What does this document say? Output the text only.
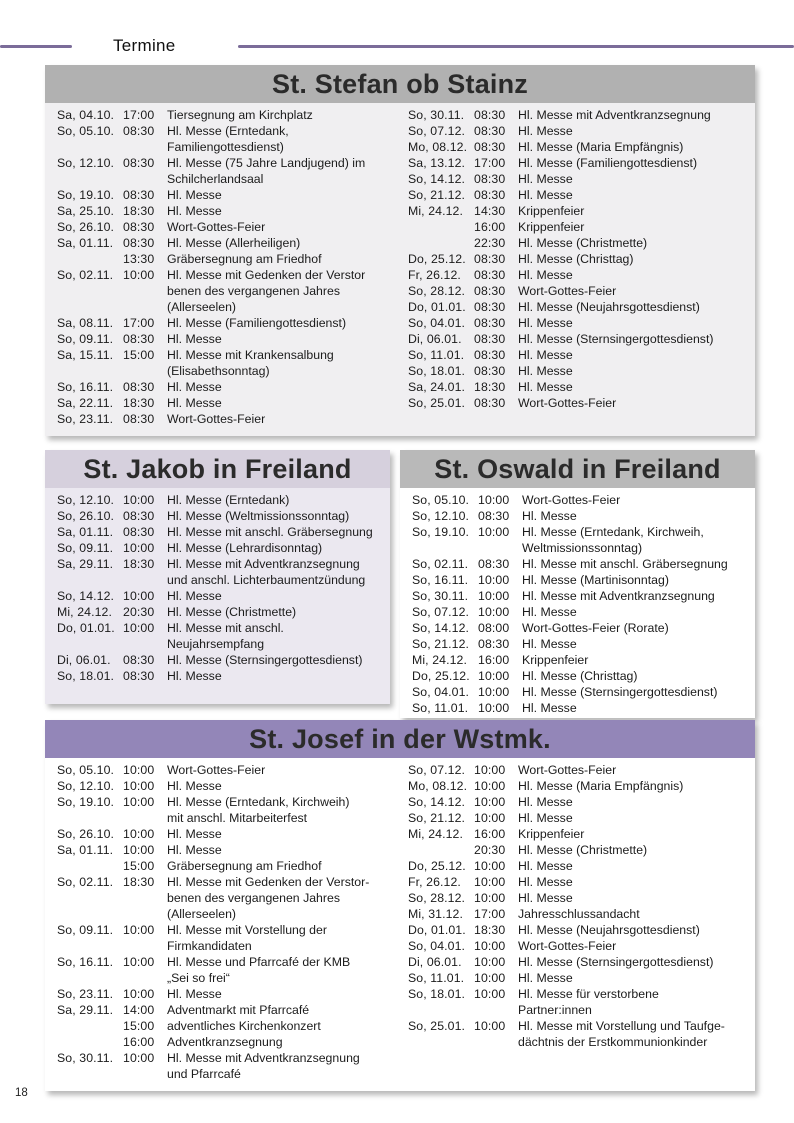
Termine
St. Stefan ob Stainz
Sa, 04.10. 17:00	Tiersegnung am Kirchplatz
So, 05.10. 08:30	Hl. Messe (Erntedank,
Familiengottesdienst)
So, 12.10. 08:30	Hl. Messe (75 Jahre Landjugend) im
Schilcherlandsaal
So, 19.10. 08:30	Hl. Messe
Sa, 25.10. 18:30	Hl. Messe
So, 26.10. 08:30	Wort-Gottes-Feier
Sa, 01.11. 08:30	Hl. Messe (Allerheiligen)
13:30	Gräbersegnung am Friedhof
So, 02.11. 10:00	Hl. Messe mit Gedenken der Verstor
benen des vergangenen Jahres
(Allerseelen)
Sa, 08.11. 17:00	Hl. Messe (Familiengottesdienst)
So, 09.11. 08:30	Hl. Messe
Sa, 15.11. 15:00	Hl. Messe mit Krankensalbung
(Elisabethsonntag)
So, 16.11. 08:30	Hl. Messe
Sa, 22.11. 18:30	Hl. Messe
So, 23.11. 08:30	Wort-Gottes-Feier
So, 30.11. 08:30	Hl. Messe mit Adventkranzsegnung
So, 07.12. 08:30	Hl. Messe
Mo, 08.12. 08:30	Hl. Messe (Maria Empfängnis)
Sa, 13.12. 17:00	Hl. Messe (Familiengottesdienst)
So, 14.12. 08:30	Hl. Messe
So, 21.12. 08:30	Hl. Messe
Mi, 24.12. 14:30	Krippenfeier
16:00	Krippenfeier
22:30	Hl. Messe (Christmette)
Do, 25.12. 08:30	Hl. Messe (Christtag)
Fr, 26.12.	08:30	Hl. Messe
So, 28.12. 08:30	Wort-Gottes-Feier
Do, 01.01. 08:30	Hl. Messe (Neujahrsgottesdienst)
So, 04.01. 08:30	Hl. Messe
Di, 06.01.	08:30	Hl. Messe (Sternsingergottesdienst)
So, 11.01. 08:30	Hl. Messe
So, 18.01. 08:30	Hl. Messe
Sa, 24.01. 18:30	Hl. Messe
So, 25.01. 08:30	Wort-Gottes-Feier
St. Jakob in Freiland
So, 12.10. 10:00	Hl. Messe (Erntedank)
So, 26.10. 08:30	Hl. Messe (Weltmissionssonntag)
Sa, 01.11. 08:30	Hl. Messe mit anschl. Gräbersegnung
So, 09.11. 10:00	Hl. Messe (Lehrardisonntag)
Sa, 29.11. 18:30	Hl. Messe mit Adventkranzsegnung
und anschl. Lichterbaumentzündung
So, 14.12. 10:00	Hl. Messe
Mi, 24.12. 20:30	Hl. Messe (Christmette)
Do, 01.01. 10:00	Hl. Messe mit anschl.
Neujahrsempfang
Di, 06.01.	08:30	Hl. Messe (Sternsingergottesdienst)
So, 18.01. 08:30	Hl. Messe
St. Oswald in Freiland
So, 05.10. 10:00	Wort-Gottes-Feier
So, 12.10. 08:30	Hl. Messe
So, 19.10. 10:00	Hl. Messe (Erntedank, Kirchweih,
Weltmissionssonntag)
So, 02.11. 08:30	Hl. Messe mit anschl. Gräbersegnung
So, 16.11. 10:00	Hl. Messe (Martinisonntag)
So, 30.11. 10:00	Hl. Messe mit Adventkranzsegnung
So, 07.12. 10:00	Hl. Messe
So, 14.12. 08:00	Wort-Gottes-Feier (Rorate)
So, 21.12. 08:30	Hl. Messe
Mi, 24.12. 16:00	Krippenfeier
Do, 25.12. 10:00	Hl. Messe (Christtag)
So, 04.01. 10:00	Hl. Messe (Sternsingergottesdienst)
So, 11.01. 10:00	Hl. Messe
St. Josef in der Wstmk.
So, 05.10. 10:00	Wort-Gottes-Feier
So, 12.10. 10:00	Hl. Messe
So, 19.10. 10:00	Hl. Messe (Erntedank, Kirchweih)
mit anschl. Mitarbeiterfest
So, 26.10. 10:00	Hl. Messe
Sa, 01.11. 10:00	Hl. Messe
15:00	Gräbersegnung am Friedhof
So, 02.11. 18:30	Hl. Messe mit Gedenken der Verstor-
benen des vergangenen Jahres
(Allerseelen)
So, 09.11. 10:00	Hl. Messe mit Vorstellung der
Firmkandidaten
So, 16.11. 10:00	Hl. Messe und Pfarrcafé der KMB
„Sei so frei“
So, 23.11. 10:00	Hl. Messe
Sa, 29.11. 14:00	Adventmarkt mit Pfarrcafé
15:00	adventliches Kirchenkonzert
16:00	Adventkranzsegnung
So, 30.11. 10:00	Hl. Messe mit Adventkranzsegnung
und Pfarrcafé
So, 07.12. 10:00	Wort-Gottes-Feier
Mo, 08.12. 10:00	Hl. Messe (Maria Empfängnis)
So, 14.12. 10:00	Hl. Messe
So, 21.12. 10:00	Hl. Messe
Mi, 24.12. 16:00	Krippenfeier
20:30	Hl. Messe (Christmette)
Do, 25.12. 10:00	Hl. Messe
Fr, 26.12.	10:00	Hl. Messe
So, 28.12. 10:00	Hl. Messe
Mi, 31.12. 17:00	Jahresschlussandacht
Do, 01.01. 18:30	Hl. Messe (Neujahrsgottesdienst)
So, 04.01. 10:00	Wort-Gottes-Feier
Di, 06.01.	10:00	Hl. Messe (Sternsingergottesdienst)
So, 11.01. 10:00	Hl. Messe
So, 18.01. 10:00	Hl. Messe für verstorbene
Partner:innen
So, 25.01. 10:00	Hl. Messe mit Vorstellung und Taufge-
dächtnis der Erstkommunionkinder
18
